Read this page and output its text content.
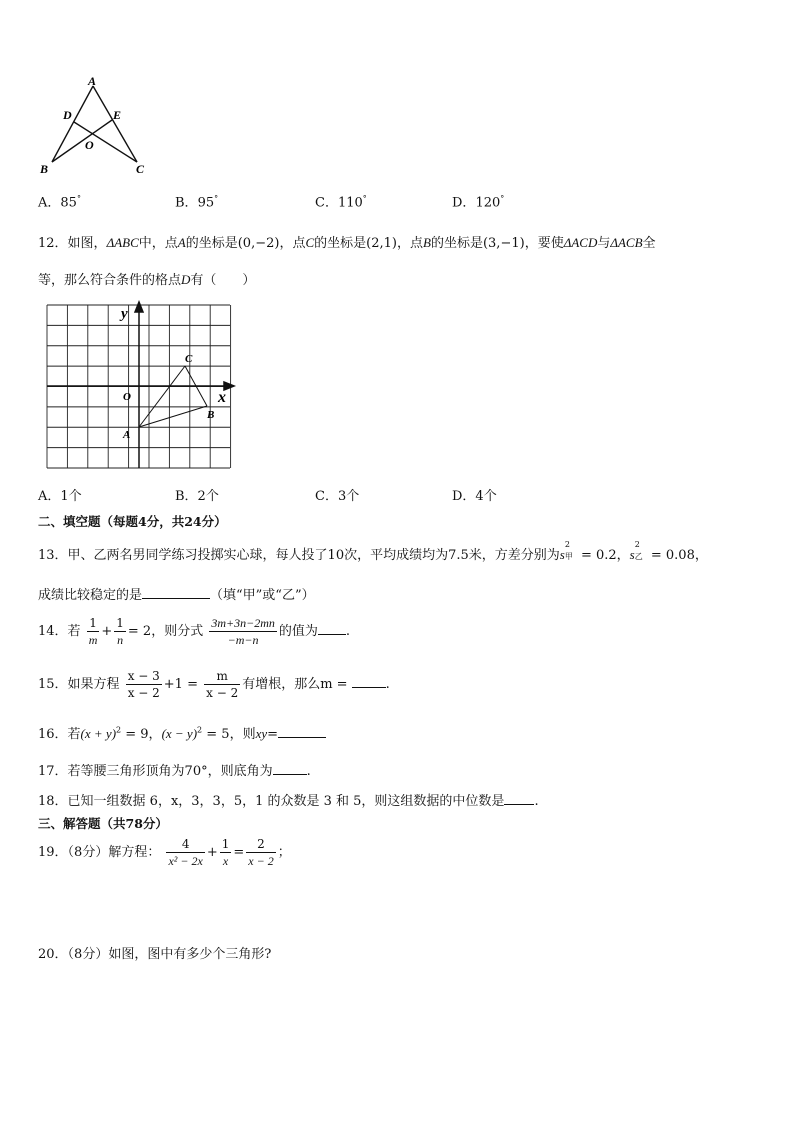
A
D	E
O
B	C
A．85°	B．95°	C．110°	D．120°
12．如图，ΔABC中，点A的坐标是(0,−2)，点C的坐标是(2,1)，点B的坐标是(3,−1)，要使ΔACD与ΔACB全
等，那么符合条件的格点D有（　　）
y
x
O
A
B
C
A．1个	B．2个	C．3个	D．4个
二、填空题（每题4分，共24分）
13．甲、乙两名男同学练习投掷实心球，每人投了10次，平均成绩均为7.5米，方差分别为s
2
甲 = 0.2，s
2
乙 = 0.08，
成绩比较稳定的是	（填“甲”或“乙”）
14．若 $\frac{1}{m} + \frac{1}{n} = 2$，则分式 $\frac{3m+3n-2mn}{-m-n}$ 的值为 .
15．如果方程 $\frac{x - 3}{x - 2} +1 = \frac{m}{x - 2}$ 有增根，那么m =	.
16．若$(x + y)^2 = 9$，$(x - y)^2 = 5$，则xy=
17．若等腰三角形顶角为70°，则底角为	.
18．已知一组数据 6，x，3，3，5，1 的众数是 3 和 5，则这组数据的中位数是 .
三、解答题（共78分）
19．（8分）解方程： $\frac{4}{\text{x² − 2x}} + \frac{1}{x} = \frac{2}{x - 2}$ ；
20．（8分）如图，图中有多少个三角形?
